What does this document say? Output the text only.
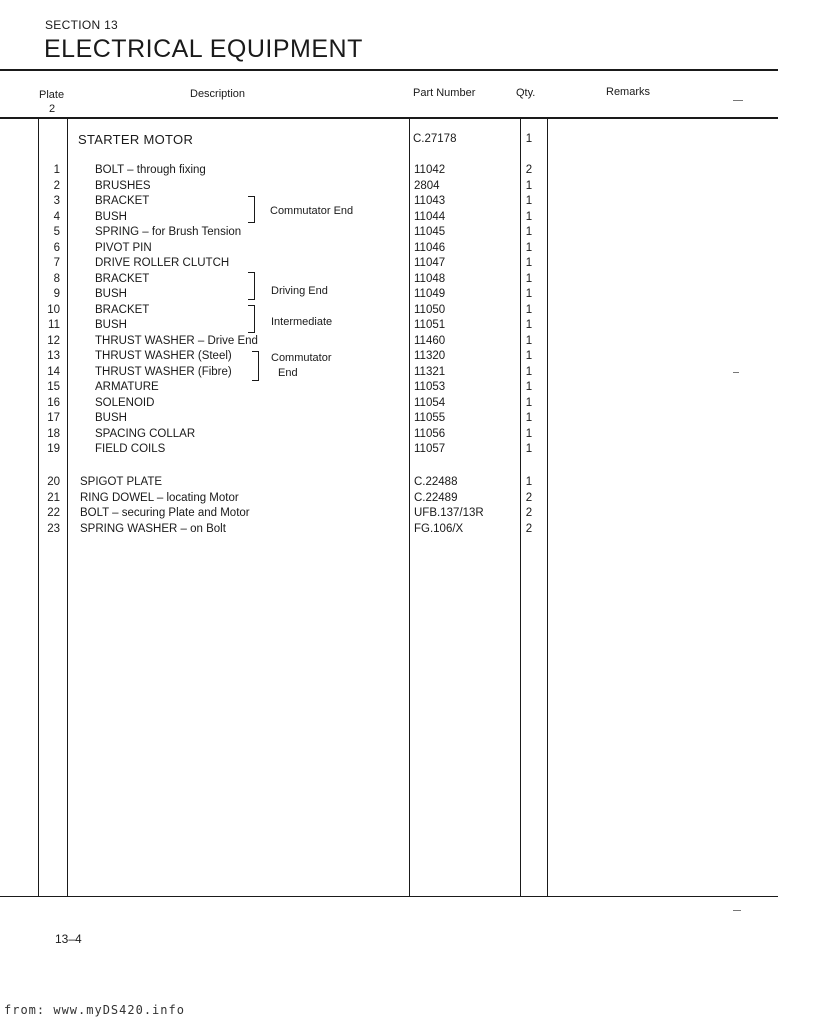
SECTION 13
ELECTRICAL EQUIPMENT
Plate
2
Description	Part Number	Qty.	Remarks
STARTER MOTOR	C.27178	1
1	BOLT – through fixing	11042	2
2	BRUSHES	2804	1
3	BRACKET	11043	1
4	BUSH	11044	1
5	SPRING – for Brush Tension	11045	1
6	PIVOT PIN	11046	1
7	DRIVE ROLLER CLUTCH	11047	1
8	BRACKET	11048	1
9	BUSH	11049	1
10	BRACKET	11050	1
11	BUSH	11051	1
12	THRUST WASHER – Drive End	11460	1
13	THRUST WASHER (Steel)	11320	1
14	THRUST WASHER (Fibre)	11321	1
15	ARMATURE	11053	1
16	SOLENOID	11054	1
17	BUSH	11055	1
18	SPACING COLLAR	11056	1
19	FIELD COILS	11057	1
20 SPIGOT PLATE	C.22488	1
21 RING DOWEL – locating Motor	C.22489	2
22 BOLT – securing Plate and Motor	UFB.137/13R	2
23 SPRING WASHER – on Bolt	FG.106/X	2
Commutator End
Driving End
Intermediate
Commutator
End
13–4
from: www.myDS420.info
